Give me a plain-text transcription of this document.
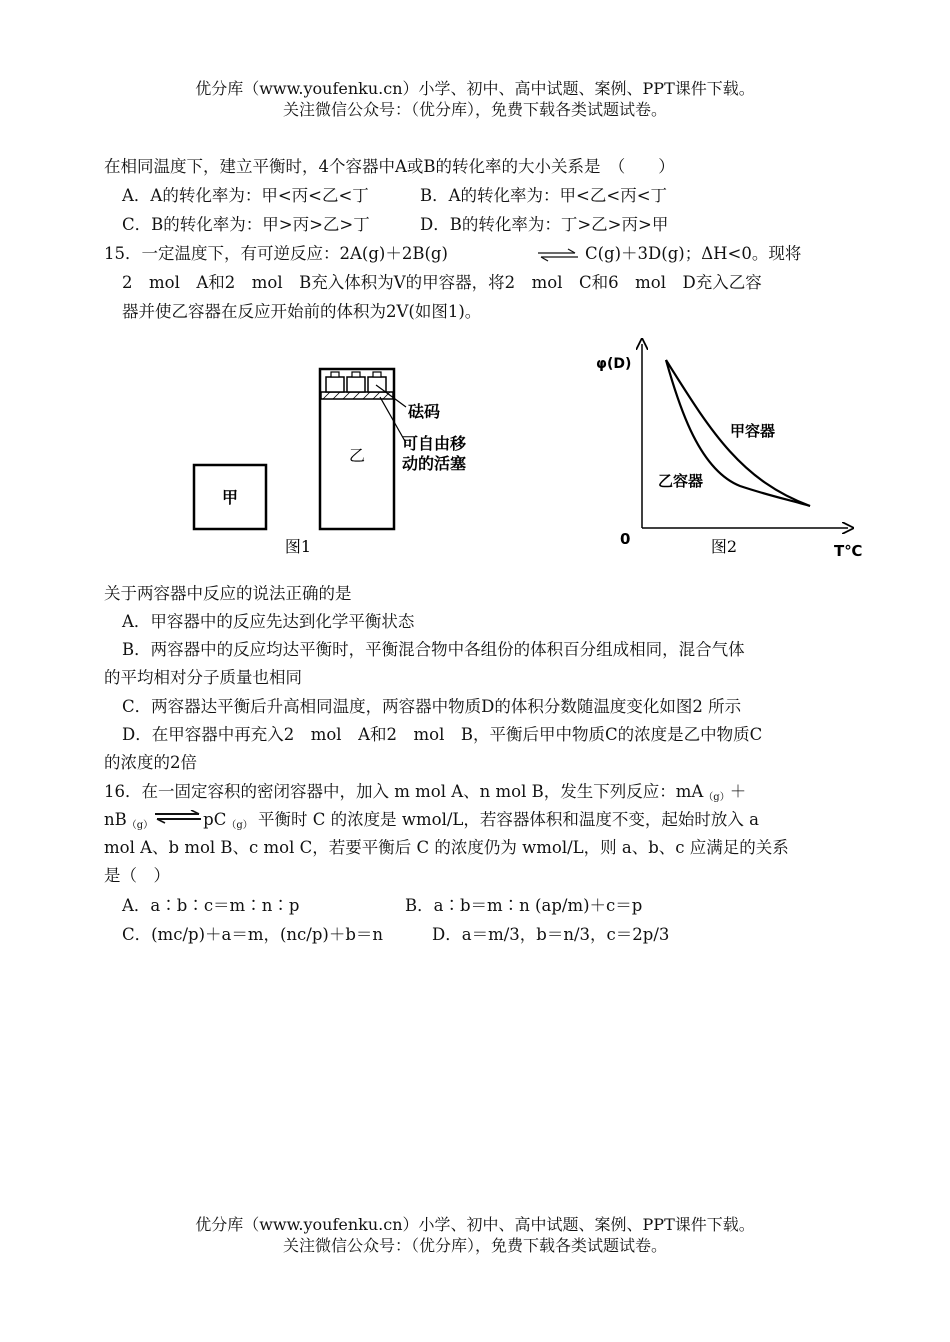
优分库（www.youfenku.cn）小学、初中、高中试题、案例、PPT课件下载。
关注微信公众号：（优分库），免费下载各类试题试卷。
在相同温度下，建立平衡时，4个容器中A或B的转化率的大小关系是　（　　）
A．A的转化率为：甲<丙<乙<丁	B．A的转化率为：甲<乙<丙<丁
C．B的转化率为：甲>丙>乙>丁	D．B的转化率为：丁>乙>丙>甲
15．一定温度下，有可逆反应：2A(g)＋2B(g)	⇌ C(g)＋3D(g)；ΔH<0。现将
2　mol　A和2　mol　B充入体积为V的甲容器，将2　mol　C和6　mol　D充入乙容
器并使乙容器在反应开始前的体积为2V(如图1)。
甲
乙
砝码
可自由移
动的活塞
图1
φ(D)
0
T℃
甲容器
乙容器
图2
关于两容器中反应的说法正确的是
A．甲容器中的反应先达到化学平衡状态
B．两容器中的反应均达平衡时，平衡混合物中各组份的体积百分组成相同，混合气体
的平均相对分子质量也相同
C．两容器达平衡后升高相同温度，两容器中物质D的体积分数随温度变化如图2 所示
D．在甲容器中再充入2　mol　A和2　mol　B，平衡后甲中物质C的浓度是乙中物质C
的浓度的2倍
16．在一固定容积的密闭容器中，加入 m mol A、n mol B，发生下列反应：$mA_{(g)}+$
$nB_{(g)}$ $\rightleftharpoons pC_{(g)}$ 平衡时 C 的浓度是 wmol/L，若容器体积和温度不变，起始时放入 a
mol A、b mol B、c mol C，若要平衡后 C 的浓度仍为 wmol/L，则 a、b、c 应满足的关系
是（　）
A．a∶b∶c＝m∶n∶p	B．a∶b＝m∶n (ap/m)＋c＝p
C．(mc/p)＋a＝m，(nc/p)＋b＝n	D．a＝m/3，b＝n/3，c＝2p/3
优分库（www.youfenku.cn）小学、初中、高中试题、案例、PPT课件下载。
关注微信公众号：（优分库），免费下载各类试题试卷。
